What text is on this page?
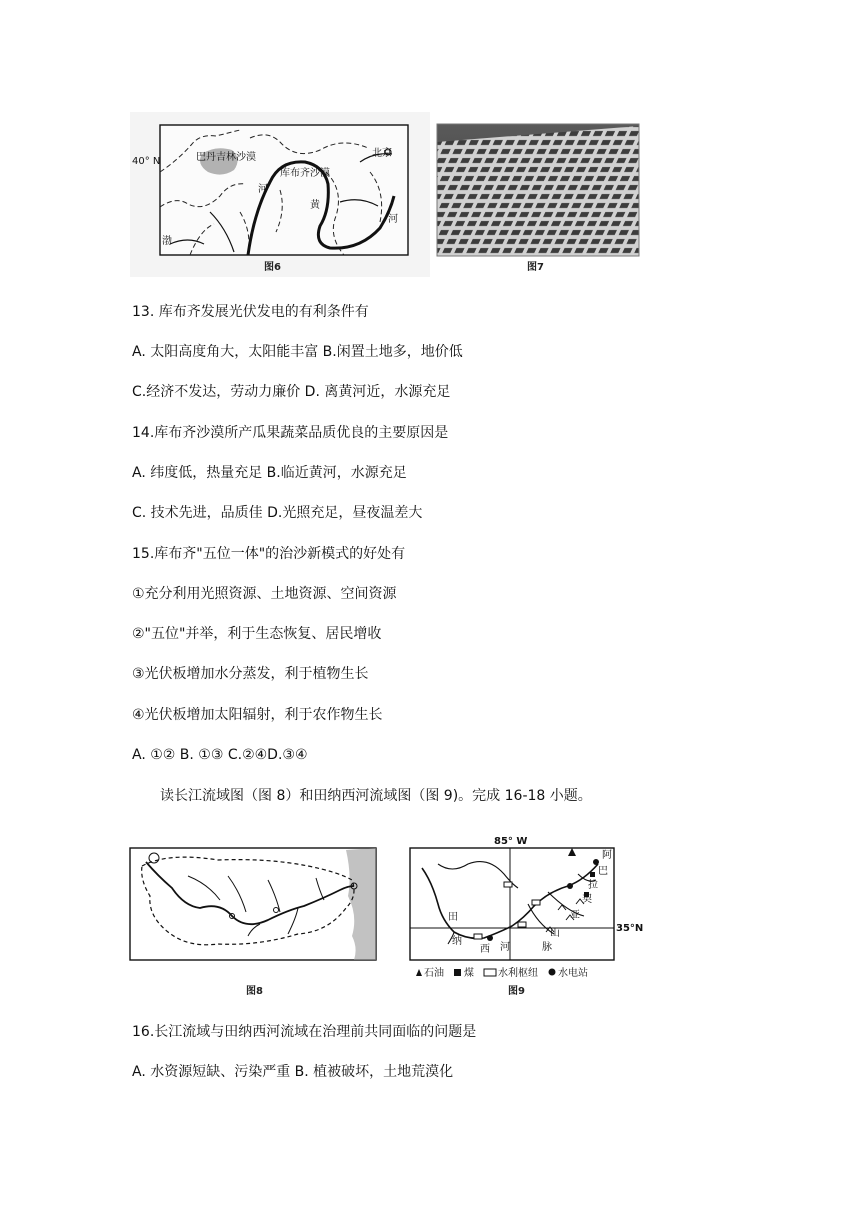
40° N	巴丹吉林沙漠
库布齐沙漠
北京
河
黄
河
渤
图6	图7
13. 库布齐发展光伏发电的有利条件有
A. 太阳高度角大，太阳能丰富 B.闲置土地多，地价低
C.经济不发达，劳动力廉价 D. 离黄河近，水源充足
14.库布齐沙漠所产瓜果蔬菜品质优良的主要原因是
A. 纬度低，热量充足 B.临近黄河，水源充足
C. 技术先进，品质佳 D.光照充足，昼夜温差大
15.库布齐"五位一体"的治沙新模式的好处有
①充分利用光照资源、土地资源、空间资源
②"五位"并举，利于生态恢复、居民增收
③光伏板增加水分蒸发，利于植物生长
④光伏板增加太阳辐射，利于农作物生长
A. ①② B. ①③ C.②④D.③④
读长江流域图（图 8）和田纳西河流域图（图 9)。完成 16-18 小题。
图8
85° W
35°N
田
纳
西 河
阿
巴
拉
契
亚
山
脉
石油 煤 水利枢纽 水电站
图9
16.长江流域与田纳西河流域在治理前共同面临的问题是
A. 水资源短缺、污染严重 B. 植被破坏，土地荒漠化
